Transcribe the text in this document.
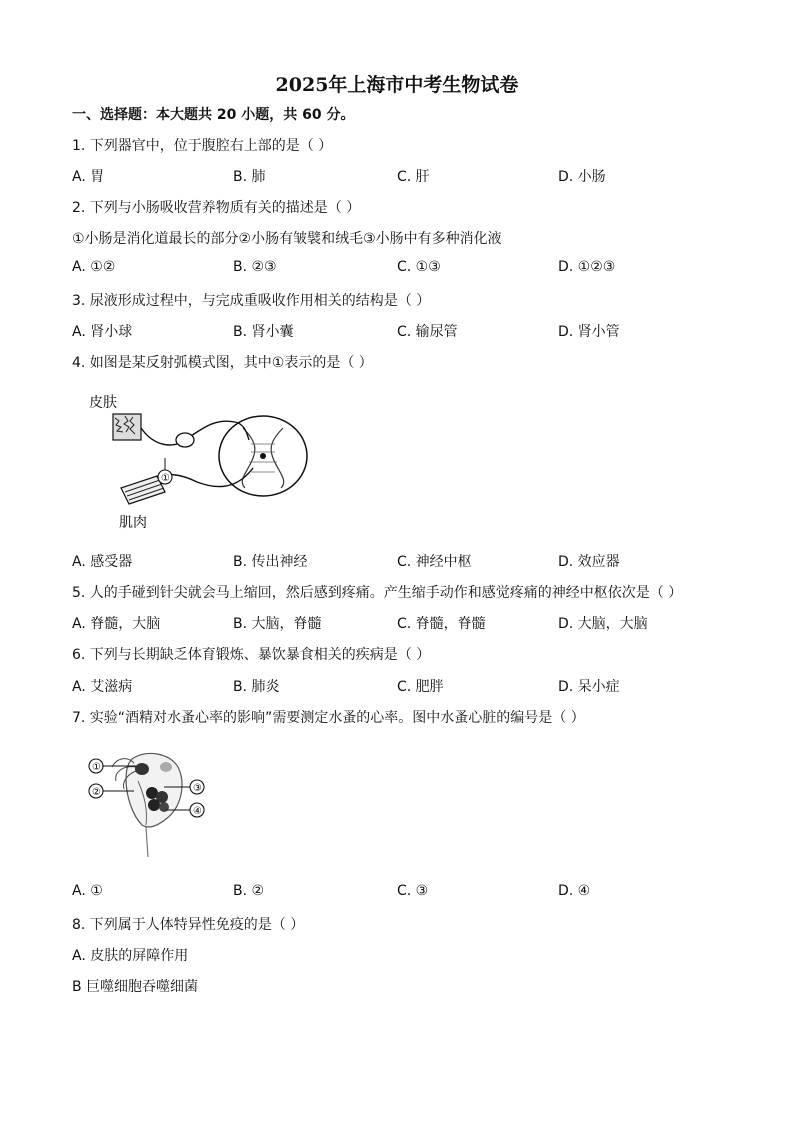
2025年上海市中考生物试卷
一、选择题：本大题共 20 小题，共 60 分。
1. 下列器官中，位于腹腔右上部的是（ ）
A. 胃	B. 肺	C. 肝	D. 小肠
2. 下列与小肠吸收营养物质有关的描述是（ ）
①小肠是消化道最长的部分②小肠有皱襞和绒毛③小肠中有多种消化液
A. ①②	B. ②③	C. ①③	D. ①②③
3. 尿液形成过程中，与完成重吸收作用相关的结构是（ ）
A. 肾小球	B. 肾小囊	C. 输尿管	D. 肾小管
4. 如图是某反射弧模式图，其中①表示的是（ ）
皮肤
肌肉
①
A. 感受器	B. 传出神经	C. 神经中枢	D. 效应器
5. 人的手碰到针尖就会马上缩回，然后感到疼痛。产生缩手动作和感觉疼痛的神经中枢依次是（ ）
A. 脊髓，大脑	B. 大脑，脊髓	C. 脊髓，脊髓	D. 大脑，大脑
6. 下列与长期缺乏体育锻炼、暴饮暴食相关的疾病是（ ）
A. 艾滋病	B. 肺炎	C. 肥胖	D. 呆小症
7. 实验“酒精对水蚤心率的影响”需要测定水蚤的心率。图中水蚤心脏的编号是（ ）
①
②	③
④
A. ①	B. ②	C. ③	D. ④
8. 下列属于人体特异性免疫的是（ ）
A. 皮肤的屏障作用
B 巨噬细胞吞噬细菌
